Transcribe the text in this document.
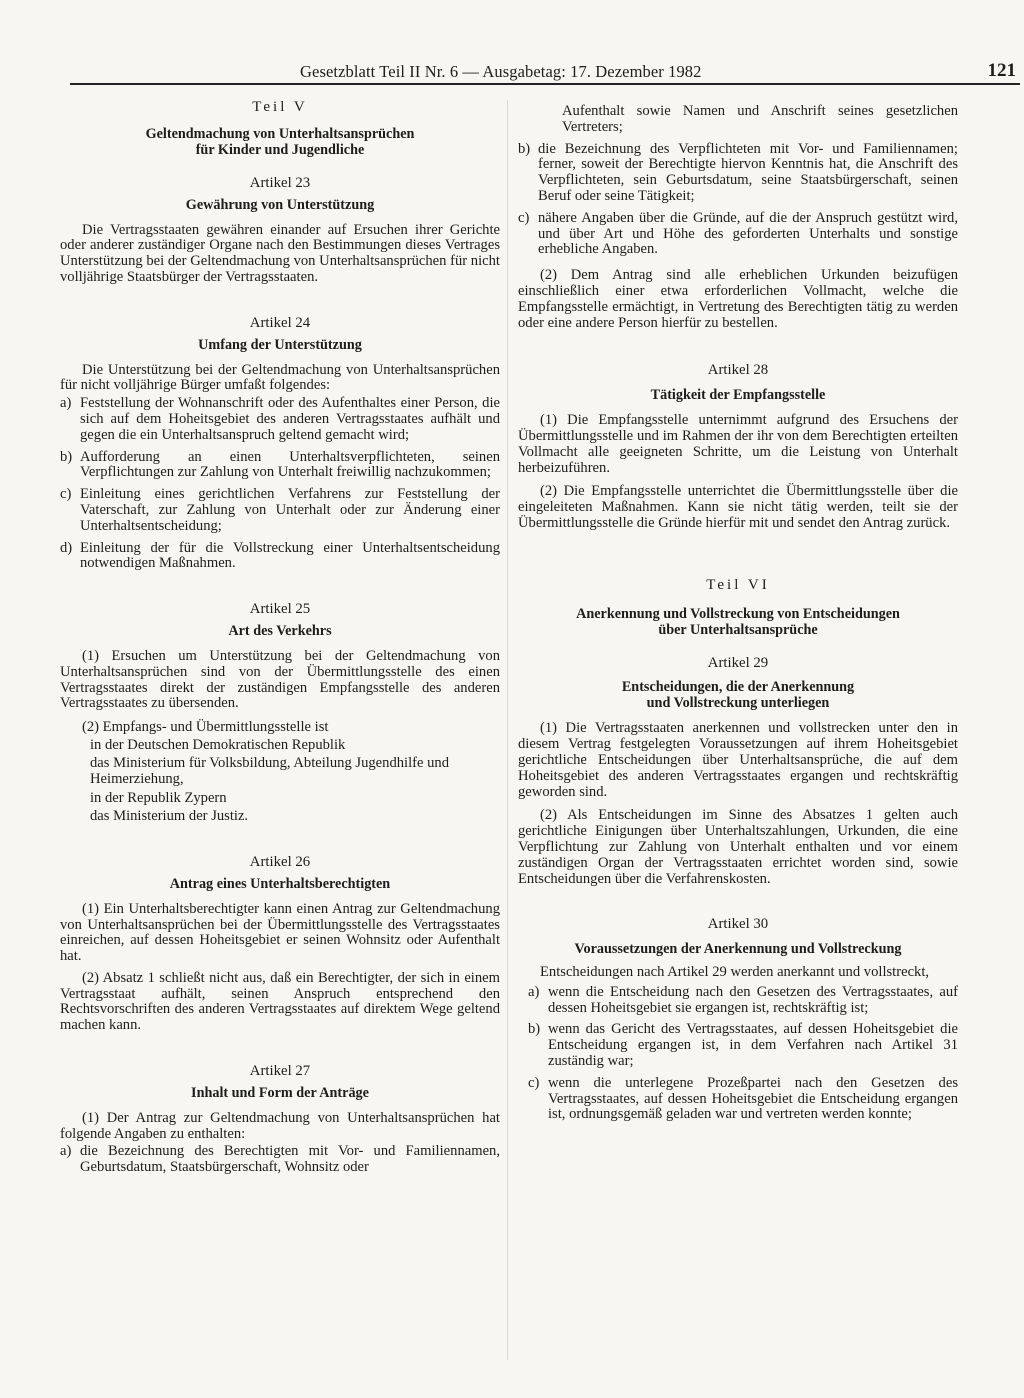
Gesetzblatt Teil II Nr. 6 — Ausgabetag: 17. Dezember 1982	121

Teil V

Geltendmachung von Unterhaltsansprüchen
für Kinder und Jugendliche

Artikel 23

Gewährung von Unterstützung

Die Vertragsstaaten gewähren einander auf Ersuchen ihrer Gerichte oder anderer zuständiger Organe nach den Bestimmungen dieses Vertrages Unterstützung bei der Geltendmachung von Unterhaltsansprüchen für nicht volljährige Staatsbürger der Vertragsstaaten.

Artikel 24

Umfang der Unterstützung

Die Unterstützung bei der Geltendmachung von Unterhaltsansprüchen für nicht volljährige Bürger umfaßt folgendes:

a) Feststellung der Wohnanschrift oder des Aufenthaltes einer Person, die sich auf dem Hoheitsgebiet des anderen Vertragsstaates aufhält und gegen die ein Unterhaltsanspruch geltend gemacht wird;
b) Aufforderung an einen Unterhaltsverpflichteten, seinen Verpflichtungen zur Zahlung von Unterhalt freiwillig nachzukommen;
c) Einleitung eines gerichtlichen Verfahrens zur Feststellung der Vaterschaft, zur Zahlung von Unterhalt oder zur Änderung einer Unterhaltsentscheidung;
d) Einleitung der für die Vollstreckung einer Unterhaltsentscheidung notwendigen Maßnahmen.

Artikel 25

Art des Verkehrs

(1) Ersuchen um Unterstützung bei der Geltendmachung von Unterhaltsansprüchen sind von der Übermittlungsstelle des einen Vertragsstaates direkt der zuständigen Empfangsstelle des anderen Vertragsstaates zu übersenden.

(2) Empfangs- und Übermittlungsstelle ist

in der Deutschen Demokratischen Republik

das Ministerium für Volksbildung, Abteilung Jugendhilfe und Heimerziehung,

in der Republik Zypern

das Ministerium der Justiz.

Artikel 26

Antrag eines Unterhaltsberechtigten

(1) Ein Unterhaltsberechtigter kann einen Antrag zur Geltendmachung von Unterhaltsansprüchen bei der Übermittlungsstelle des Vertragsstaates einreichen, auf dessen Hoheitsgebiet er seinen Wohnsitz oder Aufenthalt hat.

(2) Absatz 1 schließt nicht aus, daß ein Berechtigter, der sich in einem Vertragsstaat aufhält, seinen Anspruch entsprechend den Rechtsvorschriften des anderen Vertragsstaates auf direktem Wege geltend machen kann.

Artikel 27

Inhalt und Form der Anträge

(1) Der Antrag zur Geltendmachung von Unterhaltsansprüchen hat folgende Angaben zu enthalten:

a) die Bezeichnung des Berechtigten mit Vor- und Familiennamen, Geburtsdatum, Staatsbürgerschaft, Wohnsitz oder

Aufenthalt sowie Namen und Anschrift seines gesetzlichen Vertreters;

b) die Bezeichnung des Verpflichteten mit Vor- und Familiennamen; ferner, soweit der Berechtigte hiervon Kenntnis hat, die Anschrift des Verpflichteten, sein Geburtsdatum, seine Staatsbürgerschaft, seinen Beruf oder seine Tätigkeit;
c) nähere Angaben über die Gründe, auf die der Anspruch gestützt wird, und über Art und Höhe des geforderten Unterhalts und sonstige erhebliche Angaben.

(2) Dem Antrag sind alle erheblichen Urkunden beizufügen einschließlich einer etwa erforderlichen Vollmacht, welche die Empfangsstelle ermächtigt, in Vertretung des Berechtigten tätig zu werden oder eine andere Person hierfür zu bestellen.

Artikel 28

Tätigkeit der Empfangsstelle

(1) Die Empfangsstelle unternimmt aufgrund des Ersuchens der Übermittlungsstelle und im Rahmen der ihr von dem Berechtigten erteilten Vollmacht alle geeigneten Schritte, um die Leistung von Unterhalt herbeizuführen.

(2) Die Empfangsstelle unterrichtet die Übermittlungsstelle über die eingeleiteten Maßnahmen. Kann sie nicht tätig werden, teilt sie der Übermittlungsstelle die Gründe hierfür mit und sendet den Antrag zurück.

Teil VI

Anerkennung und Vollstreckung von Entscheidungen
über Unterhaltsansprüche

Artikel 29

Entscheidungen, die der Anerkennung
und Vollstreckung unterliegen

(1) Die Vertragsstaaten anerkennen und vollstrecken unter den in diesem Vertrag festgelegten Voraussetzungen auf ihrem Hoheitsgebiet gerichtliche Entscheidungen über Unterhaltsansprüche, die auf dem Hoheitsgebiet des anderen Vertragsstaates ergangen und rechtskräftig geworden sind.

(2) Als Entscheidungen im Sinne des Absatzes 1 gelten auch gerichtliche Einigungen über Unterhaltszahlungen, Urkunden, die eine Verpflichtung zur Zahlung von Unterhalt enthalten und vor einem zuständigen Organ der Vertragsstaaten errichtet worden sind, sowie Entscheidungen über die Verfahrenskosten.

Artikel 30

Voraussetzungen der Anerkennung und Vollstreckung

Entscheidungen nach Artikel 29 werden anerkannt und vollstreckt,

a) wenn die Entscheidung nach den Gesetzen des Vertragsstaates, auf dessen Hoheitsgebiet sie ergangen ist, rechtskräftig ist;
b) wenn das Gericht des Vertragsstaates, auf dessen Hoheitsgebiet die Entscheidung ergangen ist, in dem Verfahren nach Artikel 31 zuständig war;
c) wenn die unterlegene Prozeßpartei nach den Gesetzen des Vertragsstaates, auf dessen Hoheitsgebiet die Entscheidung ergangen ist, ordnungsgemäß geladen war und vertreten werden konnte;
